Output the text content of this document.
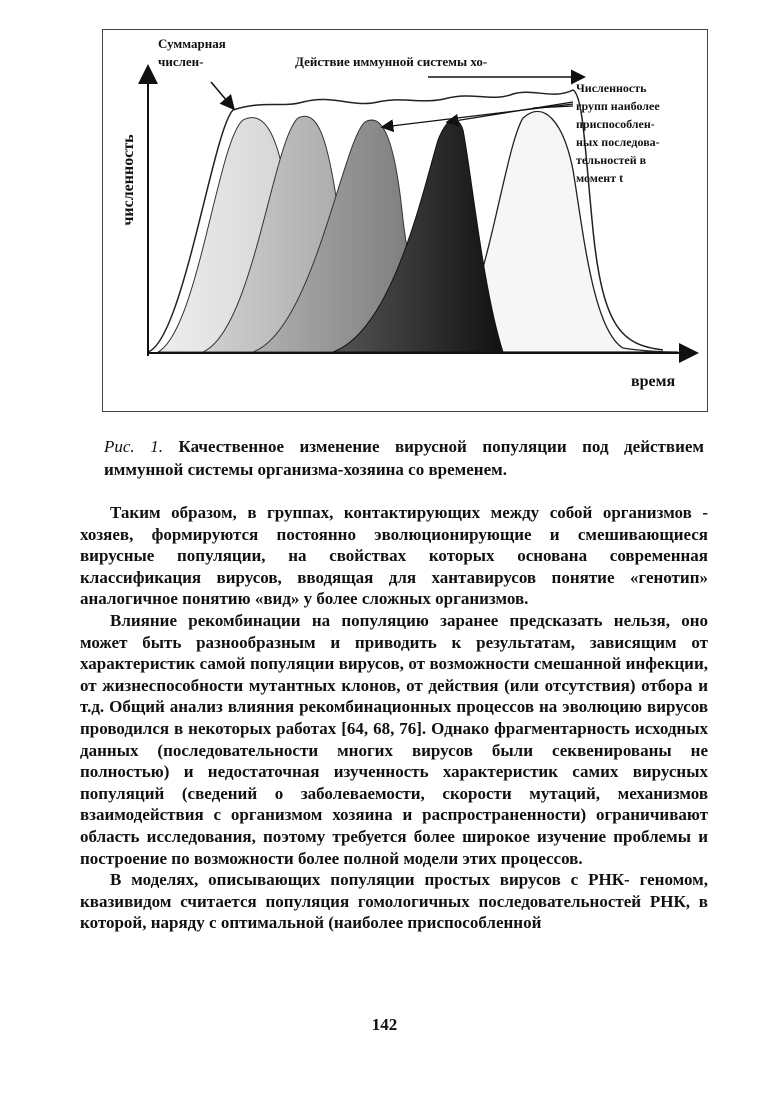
Суммарная
числен-	Действие иммунной системы хо-
Численность
групп наиболее
приспособлен-
ных последова-
тельностей в
момент t
численность
время
Рис. 1. Качественное изменение вирусной популяции под действием иммунной системы организма-хозяина со временем.

Таким образом, в группах, контактирующих между собой организмов - хозяев, формируются постоянно эволюционирующие и смешивающиеся вирусные популяции, на свойствах которых основана современная классификация вирусов, вводящая для хантавирусов понятие «генотип» аналогичное понятию «вид» у более сложных организмов.

Влияние рекомбинации на популяцию заранее предсказать нельзя, оно может быть разнообразным и приводить к результатам, зависящим от характеристик самой популяции вирусов, от возможности смешанной инфекции, от жизнеспособности мутантных клонов, от действия (или отсутствия) отбора и т.д. Общий анализ влияния рекомбинационных процессов на эволюцию вирусов проводился в некоторых работах [64, 68, 76]. Однако фрагментарность исходных данных (последовательности многих вирусов были секвенированы не полностью) и недостаточная изученность характеристик самих вирусных популяций (сведений о заболеваемости, скорости мутаций, механизмов взаимодействия с организмом хозяина и распространенности) ограничивают область исследования, поэтому требуется более широкое изучение проблемы и построение по возможности более полной модели этих процессов.

В моделях, описывающих популяции простых вирусов с РНК- геномом, квазивидом считается популяция гомологичных последовательностей РНК, в которой, наряду с оптимальной (наиболее приспособленной

142
